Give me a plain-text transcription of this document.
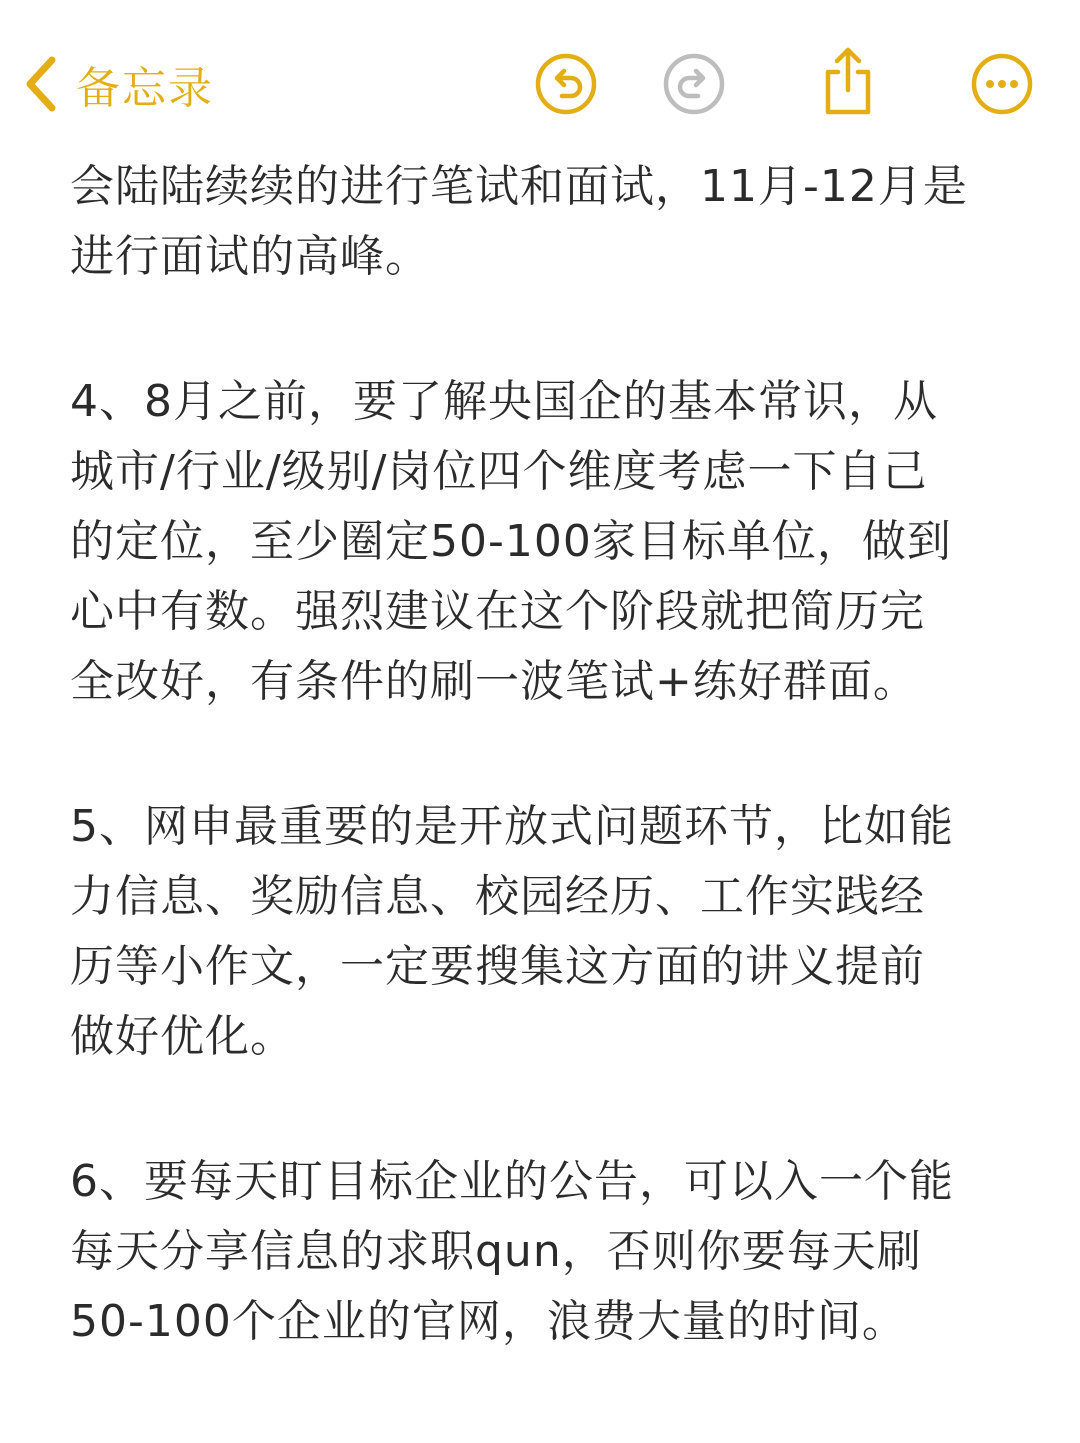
备忘录

会陆陆续续的进行笔试和面试，11月-12月是
进行面试的高峰。

4、8月之前，要了解央国企的基本常识，从
城市/行业/级别/岗位四个维度考虑一下自己
的定位，至少圈定50-100家目标单位，做到
心中有数。强烈建议在这个阶段就把简历完
全改好，有条件的刷一波笔试+练好群面。

5、网申最重要的是开放式问题环节，比如能
力信息、奖励信息、校园经历、工作实践经
历等小作文，一定要搜集这方面的讲义提前
做好优化。

6、要每天盯目标企业的公告，可以入一个能
每天分享信息的求职qun，否则你要每天刷
50-100个企业的官网，浪费大量的时间。
